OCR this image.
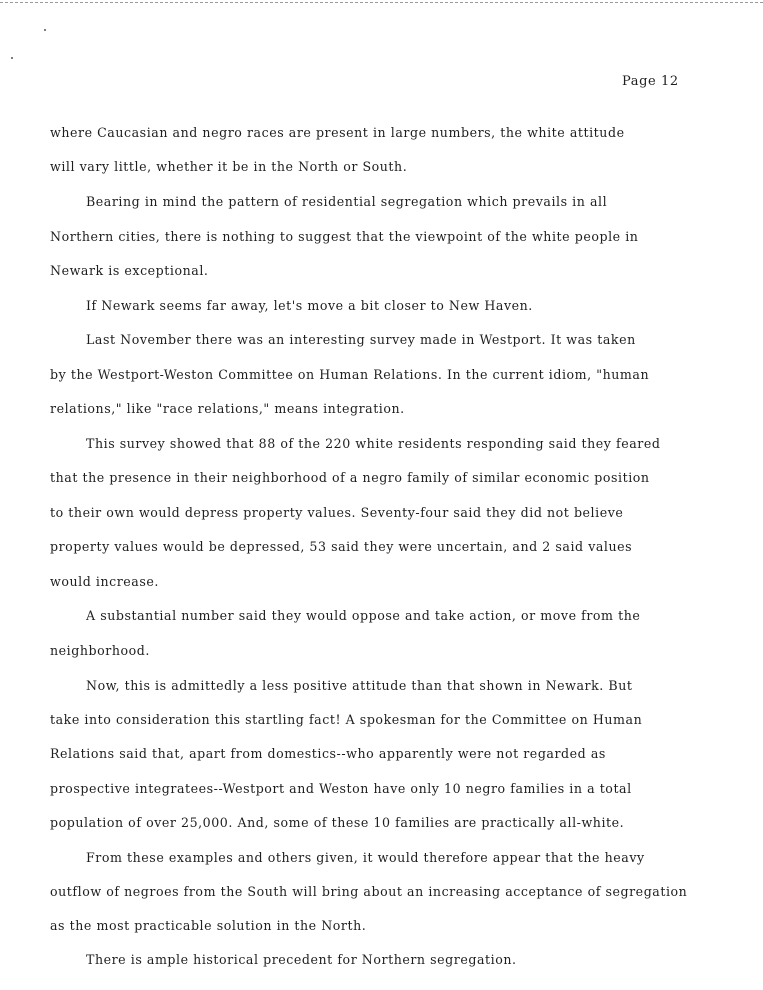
Page 12
where Caucasian and negro races are present in large numbers, the white attitude
will vary little, whether it be in the North or South.
Bearing in mind the pattern of residential segregation which prevails in all
Northern cities, there is nothing to suggest that the viewpoint of the white people in
Newark is exceptional.
If Newark seems far away, let's move a bit closer to New Haven.
Last November there was an interesting survey made in Westport. It was taken
by the Westport-Weston Committee on Human Relations. In the current idiom, "human
relations," like "race relations," means integration.
This survey showed that 88 of the 220 white residents responding said they feared
that the presence in their neighborhood of a negro family of similar economic position
to their own would depress property values. Seventy-four said they did not believe
property values would be depressed, 53 said they were uncertain, and 2 said values
would increase.
A substantial number said they would oppose and take action, or move from the
neighborhood.
Now, this is admittedly a less positive attitude than that shown in Newark. But
take into consideration this startling fact! A spokesman for the Committee on Human
Relations said that, apart from domestics--who apparently were not regarded as
prospective integratees--Westport and Weston have only 10 negro families in a total
population of over 25,000. And, some of these 10 families are practically all-white.
From these examples and others given, it would therefore appear that the heavy
outflow of negroes from the South will bring about an increasing acceptance of segregation
as the most practicable solution in the North.
There is ample historical precedent for Northern segregation.
